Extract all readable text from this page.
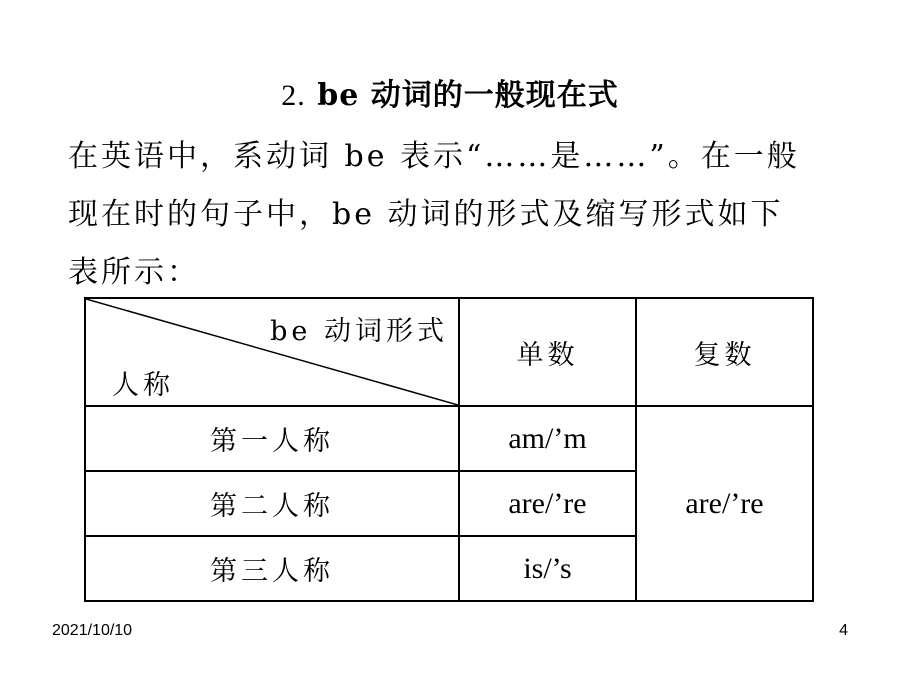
2. be 动词的一般现在式
在英语中，系动词 be 表示“……是……”。在一般
现在时的句子中，be 动词的形式及缩写形式如下
表所示：
be 动词形式
人称	单数	复数
第一人称	am/’m	are/’re
第二人称	are/’re	
第三人称	is/’s	
2021/10/10	4
